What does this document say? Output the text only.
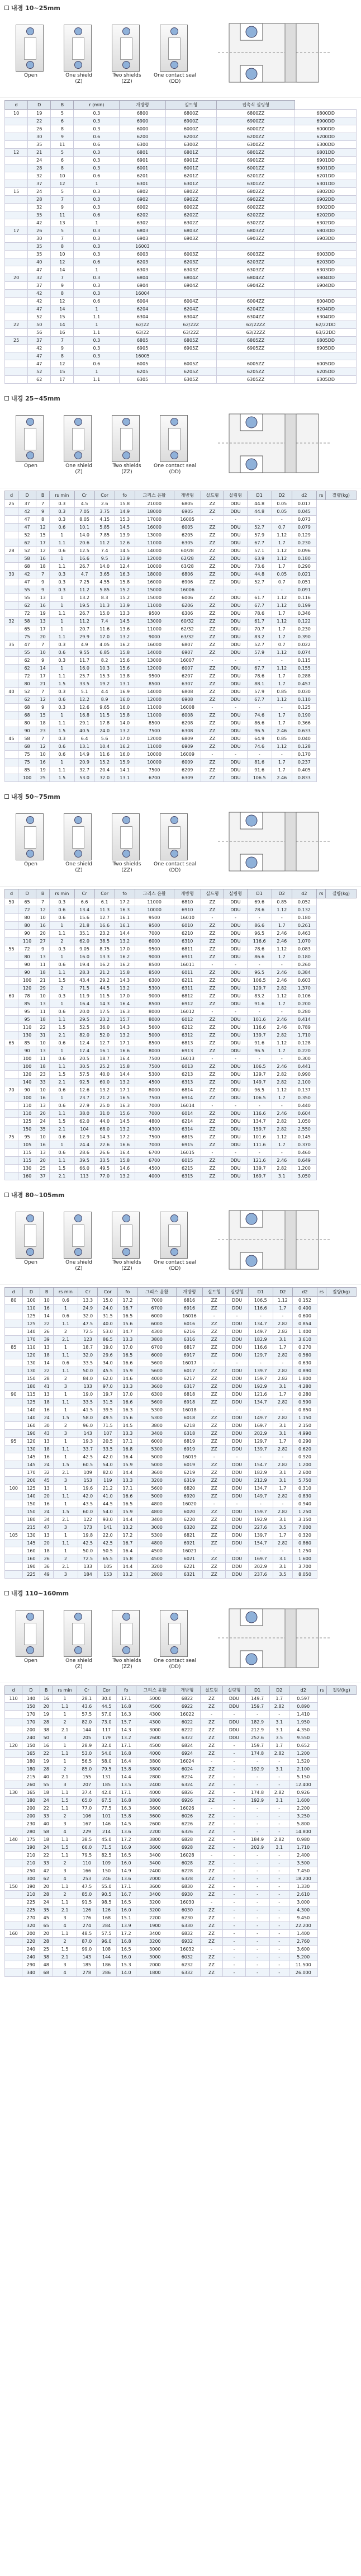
내경 10~25mm
Open	One shield
(Z)
Two shields
(ZZ)
One contact seal
(DD)
d	D	B	r (min)	개방형	실드형	접촉식 실링형	
10	19	5	0.3	6800	6800Z	6800ZZ	6800DD
	22	6	0.3	6900	6900Z	6900ZZ	6900DD
	26	8	0.3	6000	6000Z	6000ZZ	6000DD
	30	9	0.6	6200	6200Z	6200ZZ	6200DD
	35	11	0.6	6300	6300Z	6300ZZ	6300DD
12	21	5	0.3	6801	6801Z	6801ZZ	6801DD
	24	6	0.3	6901	6901Z	6901ZZ	6901DD
	28	8	0.3	6001	6001Z	6001ZZ	6001DD
	32	10	0.6	6201	6201Z	6201ZZ	6201DD
	37	12	1	6301	6301Z	6301ZZ	6301DD
15	24	5	0.3	6802	6802Z	6802ZZ	6802DD
	28	7	0.3	6902	6902Z	6902ZZ	6902DD
	32	9	0.3	6002	6002Z	6002ZZ	6002DD
	35	11	0.6	6202	6202Z	6202ZZ	6202DD
	42	13	1	6302	6302Z	6302ZZ	6302DD
17	26	5	0.3	6803	6803Z	6803ZZ	6803DD
	30	7	0.3	6903	6903Z	6903ZZ	6903DD
	35	8	0.3	16003			
	35	10	0.3	6003	6003Z	6003ZZ	6003DD
	40	12	0.6	6203	6203Z	6203ZZ	6203DD
	47	14	1	6303	6303Z	6303ZZ	6303DD
20	32	7	0.3	6804	6804Z	6804ZZ	6804DD
	37	9	0.3	6904	6904Z	6904ZZ	6904DD
	42	8	0.3	16004			
	42	12	0.6	6004	6004Z	6004ZZ	6004DD
	47	14	1	6204	6204Z	6204ZZ	6204DD
	52	15	1.1	6304	6304Z	6304ZZ	6304DD
22	50	14	1	62/22	62/22Z	62/22ZZ	62/22DD
	56	16	1.1	63/22	63/22Z	63/22ZZ	63/22DD
25	37	7	0.3	6805	6805Z	6805ZZ	6805DD
	42	9	0.3	6905	6905Z	6905ZZ	6905DD
	47	8	0.3	16005			
	47	12	0.6	6005	6005Z	6005ZZ	6005DD
	52	15	1	6205	6205Z	6205ZZ	6205DD
	62	17	1.1	6305	6305Z	6305ZZ	6305DD
내경 25~45mm
Open	One shield
(Z)
Two shields
(ZZ)
One contact seal
(DD)
d	D	B	rs min	Cr	Cor	fo	그리스 윤활	개방형	실드형	실링형	D1	D2	d2	rs	질량(kg)
25	37	7	0.3	4.5	2.6	15.8	21000	6805	ZZ	DDU	44.8	0.05	0.017		
	42	9	0.3	7.05	3.75	14.9	18000	6905	ZZ	DDU	44.8	0.05	0.045		
	47	8	0.3	8.05	4.15	15.3	17000	16005	-	-	-	-	0.073		
	47	12	0.6	10.1	5.85	14.5	16000	6005	ZZ	DDU	52.7	0.7	0.079		
	52	15	1	14.0	7.85	13.9	13000	6205	ZZ	DDU	57.9	1.12	0.129		
	62	17	1.1	20.6	11.2	12.6	11000	6305	ZZ	DDU	67.7	1.7	0.230		
28	52	12	0.6	12.5	7.4	14.5	14000	60/28	ZZ	DDU	57.1	1.12	0.096		
	58	16	1	16.6	9.5	13.9	12000	62/28	ZZ	DDU	63.9	1.12	0.180		
	68	18	1.1	26.7	14.0	12.4	10000	63/28	ZZ	DDU	73.6	1.7	0.290		
30	42	7	0.3	4.7	3.65	16.3	18000	6806	ZZ	DDU	44.8	0.05	0.021		
	47	9	0.3	7.25	4.55	15.8	16000	6906	ZZ	DDU	52.7	0.7	0.051		
	55	9	0.3	11.2	5.85	15.2	15000	16006	-	-	-	-	0.091		
	55	13	1	13.2	8.3	15.2	15000	6006	ZZ	DDU	61.7	1.12	0.116		
	62	16	1	19.5	11.3	13.9	11000	6206	ZZ	DDU	67.7	1.12	0.199		
	72	19	1.1	26.7	15.0	13.3	9500	6306	ZZ	DDU	78.6	1.7	0.346		
32	58	13	1	11.2	7.4	14.5	13000	60/32	ZZ	DDU	61.7	1.12	0.122		
	65	17	1	20.7	11.6	13.6	11000	62/32	ZZ	DDU	70.7	1.7	0.230		
	75	20	1.1	29.9	17.0	13.2	9000	63/32	ZZ	DDU	83.2	1.7	0.390		
35	47	7	0.3	4.9	4.05	16.2	16000	6807	ZZ	DDU	52.7	0.7	0.022		
	55	10	0.6	9.55	6.85	15.8	14000	6907	ZZ	DDU	57.9	1.12	0.074		
	62	9	0.3	11.7	8.2	15.6	13000	16007	-	-	-	-	0.115		
	62	14	1	16.0	10.3	15.6	12000	6007	ZZ	DDU	67.7	1.12	0.155		
	72	17	1.1	25.7	15.3	13.8	9500	6207	ZZ	DDU	78.6	1.7	0.288		
	80	21	1.5	33.5	19.2	13.1	8500	6307	ZZ	DDU	88.1	1.7	0.457		
40	52	7	0.3	5.1	4.4	16.9	14000	6808	ZZ	DDU	57.9	0.85	0.030		
	62	12	0.6	12.2	8.9	16.0	12000	6908	ZZ	DDU	67.7	1.12	0.110		
	68	9	0.3	12.6	9.65	16.0	11000	16008	-	-	-	-	0.125		
	68	15	1	16.8	11.5	15.8	11000	6008	ZZ	DDU	74.6	1.7	0.190		
	80	18	1.1	29.1	17.8	14.0	8500	6208	ZZ	DDU	86.6	1.7	0.366		
	90	23	1.5	40.5	24.0	13.2	7500	6308	ZZ	DDU	96.5	2.46	0.633		
45	58	7	0.3	6.4	5.6	17.0	12000	6809	ZZ	DDU	64.9	0.85	0.040		
	68	12	0.6	13.1	10.4	16.2	11000	6909	ZZ	DDU	74.6	1.12	0.128		
	75	10	0.6	14.9	11.6	16.0	10000	16009	-	-	-	-	0.170		
	75	16	1	20.9	15.2	15.9	10000	6009	ZZ	DDU	81.6	1.7	0.237		
	85	19	1.1	32.7	20.4	14.1	7500	6209	ZZ	DDU	91.6	1.7	0.405		
	100	25	1.5	53.0	32.0	13.1	6700	6309	ZZ	DDU	106.5	2.46	0.833		
내경 50~75mm
Open	One shield
(Z)
Two shields
(ZZ)
One contact seal
(DD)
d	D	B	rs min	Cr	Cor	fo	그리스 윤활	개방형	실드형	실링형	D1	D2	d2	rs	질량(kg)
50	65	7	0.3	6.6	6.1	17.2	11000	6810	ZZ	DDU	69.6	0.85	0.052		
	72	12	0.6	13.4	11.3	16.3	10000	6910	ZZ	DDU	78.6	1.12	0.132		
	80	10	0.6	15.6	12.7	16.1	9500	16010	-	-	-	-	0.180		
	80	16	1	21.8	16.6	16.1	9500	6010	ZZ	DDU	86.6	1.7	0.261		
	90	20	1.1	35.1	23.2	14.4	7000	6210	ZZ	DDU	96.5	2.46	0.463		
	110	27	2	62.0	38.5	13.2	6000	6310	ZZ	DDU	116.6	2.46	1.070		
55	72	9	0.3	9.05	8.75	17.0	9500	6811	ZZ	DDU	78.6	1.12	0.083		
	80	13	1	16.0	13.3	16.2	9000	6911	ZZ	DDU	86.6	1.7	0.180		
	90	11	0.6	19.4	16.2	16.2	8500	16011	-	-	-	-	0.260		
	90	18	1.1	28.3	21.2	15.8	8500	6011	ZZ	DDU	96.5	2.46	0.384		
	100	21	1.5	43.4	29.2	14.3	6300	6211	ZZ	DDU	106.5	2.46	0.603		
	120	29	2	71.5	44.5	13.2	5300	6311	ZZ	DDU	129.7	2.82	1.370		
60	78	10	0.3	11.9	11.5	17.0	9000	6812	ZZ	DDU	83.2	1.12	0.106		
	85	13	1	16.4	14.3	16.4	8500	6912	ZZ	DDU	91.6	1.7	0.200		
	95	11	0.6	20.0	17.5	16.3	8000	16012	-	-	-	-	0.280		
	95	18	1.1	29.5	23.2	15.7	8000	6012	ZZ	DDU	101.6	2.46	0.414		
	110	22	1.5	52.5	36.0	14.3	5600	6212	ZZ	DDU	116.6	2.46	0.789		
	130	31	2.1	82.0	52.0	13.2	5000	6312	ZZ	DDU	139.7	2.82	1.710		
65	85	10	0.6	12.4	12.7	17.1	8500	6813	ZZ	DDU	91.6	1.12	0.128		
	90	13	1	17.4	16.1	16.6	8000	6913	ZZ	DDU	96.5	1.7	0.220		
	100	11	0.6	20.5	18.7	16.4	7500	16013	-	-	-	-	0.300		
	100	18	1.1	30.5	25.2	15.8	7500	6013	ZZ	DDU	106.5	2.46	0.441		
	120	23	1.5	57.5	40.0	14.4	5300	6213	ZZ	DDU	129.7	2.82	0.990		
	140	33	2.1	92.5	60.0	13.2	4500	6313	ZZ	DDU	149.7	2.82	2.100		
70	90	10	0.6	12.6	13.2	17.1	8000	6814	ZZ	DDU	96.5	1.12	0.137		
	100	16	1	23.7	21.2	16.5	7500	6914	ZZ	DDU	106.5	1.7	0.350		
	110	13	0.6	27.9	25.0	16.3	7000	16014	-	-	-	-	0.440		
	110	20	1.1	38.0	31.0	15.6	7000	6014	ZZ	DDU	116.6	2.46	0.604		
	125	24	1.5	62.0	44.0	14.5	4800	6214	ZZ	DDU	134.7	2.82	1.050		
	150	35	2.1	104	68.0	13.2	4300	6314	ZZ	DDU	159.7	2.82	2.550		
75	95	10	0.6	12.9	14.3	17.2	7500	6815	ZZ	DDU	101.6	1.12	0.145		
	105	16	1	24.4	22.6	16.6	7000	6915	ZZ	DDU	111.6	1.7	0.370		
	115	13	0.6	28.6	26.6	16.4	6700	16015	-	-	-	-	0.460		
	115	20	1.1	39.5	33.5	15.8	6700	6015	ZZ	DDU	121.6	2.46	0.649		
	130	25	1.5	66.0	49.5	14.6	4500	6215	ZZ	DDU	139.7	2.82	1.200		
	160	37	2.1	113	77.0	13.2	4000	6315	ZZ	DDU	169.7	3.1	3.050		
내경 80~105mm
Open	One shield
(Z)
Two shields
(ZZ)
One contact seal
(DD)
d	D	B	rs min	Cr	Cor	fo	그리스 윤활	개방형	실드형	실링형	D1	D2	d2	rs	질량(kg)
80	100	10	0.6	13.3	15.0	17.2	7000	6816	ZZ	DDU	106.5	1.12	0.152		
	110	16	1	24.9	24.0	16.7	6700	6916	ZZ	DDU	116.6	1.7	0.400		
	125	14	0.6	32.0	31.5	16.5	6000	16016	-	-	-	-	0.600		
	125	22	1.1	47.5	40.0	15.6	6000	6016	ZZ	DDU	134.7	2.82	0.854		
	140	26	2	72.5	53.0	14.7	4300	6216	ZZ	DDU	149.7	2.82	1.400		
	170	39	2.1	123	86.5	13.3	3800	6316	ZZ	DDU	182.9	3.1	3.610		
85	110	13	1	18.7	19.0	17.0	6700	6817	ZZ	DDU	116.6	1.7	0.270		
	120	18	1.1	32.0	29.6	16.5	6000	6917	ZZ	DDU	129.7	2.82	0.560		
	130	14	0.6	33.5	34.0	16.6	5600	16017	-	-	-	-	0.630		
	130	22	1.1	50.0	45.5	15.9	5600	6017	ZZ	DDU	139.7	2.82	0.890		
	150	28	2	84.0	62.0	14.6	4000	6217	ZZ	DDU	159.7	2.82	1.800		
	180	41	3	133	97.0	13.3	3600	6317	ZZ	DDU	192.9	3.1	4.280		
90	115	13	1	19.0	19.7	17.0	6300	6818	ZZ	DDU	121.6	1.7	0.280		
	125	18	1.1	33.5	31.5	16.6	5600	6918	ZZ	DDU	134.7	2.82	0.590		
	140	16	1	41.5	39.5	16.3	5300	16018	-	-	-	-	0.850		
	140	24	1.5	58.0	49.5	15.6	5300	6018	ZZ	DDU	149.7	2.82	1.150		
	160	30	2	96.0	71.5	14.5	3800	6218	ZZ	DDU	169.7	3.1	2.150		
	190	43	3	143	107	13.3	3400	6318	ZZ	DDU	202.9	3.1	4.990		
95	120	13	1	19.3	20.5	17.1	6000	6819	ZZ	DDU	129.7	1.7	0.290		
	130	18	1.1	33.7	33.5	16.8	5300	6919	ZZ	DDU	139.7	2.82	0.620		
	145	16	1	42.5	42.0	16.4	5000	16019	-	-	-	-	0.920		
	145	24	1.5	60.5	54.0	15.9	5000	6019	ZZ	DDU	154.7	2.82	1.200		
	170	32	2.1	109	82.0	14.4	3600	6219	ZZ	DDU	182.9	3.1	2.600		
	200	45	3	153	119	13.3	3200	6319	ZZ	DDU	212.9	3.1	5.750		
100	125	13	1	19.6	21.2	17.1	5600	6820	ZZ	DDU	134.7	1.7	0.310		
	140	20	1.1	42.0	41.0	16.6	5000	6920	ZZ	DDU	149.7	2.82	0.830		
	150	16	1	43.5	44.5	16.5	4800	16020	-	-	-	-	0.940		
	150	24	1.5	60.0	54.0	15.9	4800	6020	ZZ	DDU	159.7	2.82	1.250		
	180	34	2.1	122	93.0	14.4	3400	6220	ZZ	DDU	192.9	3.1	3.150		
	215	47	3	173	141	13.2	3000	6320	ZZ	DDU	227.6	3.5	7.000		
105	130	13	1	19.8	22.0	17.2	5300	6821	ZZ	DDU	139.7	1.7	0.320		
	145	20	1.1	42.5	42.5	16.7	4800	6921	ZZ	DDU	154.7	2.82	0.860		
	160	18	1	50.0	50.5	16.4	4500	16021	-	-	-	-	1.250		
	160	26	2	72.5	65.5	15.8	4500	6021	ZZ	DDU	169.7	3.1	1.600		
	190	36	2.1	133	105	14.4	3200	6221	ZZ	DDU	202.9	3.1	3.700		
	225	49	3	184	153	13.2	2800	6321	ZZ	DDU	237.6	3.5	8.050		
내경 110~160mm
Open	One shield
(Z)
Two shields
(ZZ)
One contact seal
(DD)
d	D	B	rs min	Cr	Cor	fo	그리스 윤활	개방형	실드형	실링형	D1	D2	d2	rs	질량(kg)
110	140	16	1	28.1	30.0	17.1	5000	6822	ZZ	DDU	149.7	1.7	0.597		
	150	20	1.1	43.6	44.5	16.8	4500	6922	ZZ	DDU	159.7	2.82	0.890		
	170	19	1	57.5	57.0	16.3	4300	16022	-	-	-	-	1.410		
	170	28	2	82.0	73.0	15.7	4300	6022	ZZ	DDU	182.9	3.1	1.950		
	200	38	2.1	144	117	14.3	3000	6222	ZZ	DDU	212.9	3.1	4.350		
	240	50	3	205	179	13.2	2600	6322	ZZ	DDU	252.6	3.5	9.550		
120	150	16	1	28.9	32.0	17.1	4500	6824	ZZ	-	159.7	1.7	0.652		
	165	22	1.1	53.0	54.0	16.8	4000	6924	ZZ	-	174.8	2.82	1.200		
	180	19	1	56.5	58.0	16.4	3800	16024	-	-	-	-	1.520		
	180	28	2	85.0	79.5	15.8	3800	6024	ZZ	-	192.9	3.1	2.100		
	215	40	2.1	155	131	14.4	2800	6224	ZZ	-	-	-	5.150		
	260	55	3	207	185	13.5	2400	6324	ZZ	-	-	-	12.400		
130	165	18	1.1	37.4	42.0	17.1	4000	6826	ZZ	-	174.8	2.82	0.926		
	180	24	1.5	65.0	67.5	16.8	3800	6926	ZZ	-	192.9	3.1	1.600		
	200	22	1.1	77.0	77.5	16.3	3600	16026	-	-	-	-	2.200		
	200	33	2	106	101	15.8	3600	6026	ZZ	-	-	-	3.250		
	230	40	3	167	146	14.5	2600	6226	ZZ	-	-	-	5.800		
	280	58	4	229	214	13.6	2200	6326	ZZ	-	-	-	14.800		
140	175	18	1.1	38.5	45.0	17.2	3800	6828	ZZ	-	184.9	2.82	0.980		
	190	24	1.5	66.0	71.5	16.9	3600	6928	ZZ	-	202.9	3.1	1.710		
	210	22	1.1	79.5	82.5	16.5	3400	16028	-	-	-	-	2.400		
	210	33	2	110	109	16.0	3400	6028	ZZ	-	-	-	3.500		
	250	42	3	166	150	14.9	2400	6228	ZZ	-	-	-	7.450		
	300	62	4	253	246	13.6	2000	6328	ZZ	-	-	-	18.200		
150	190	20	1.1	47.5	55.0	17.1	3600	6830	ZZ	-	-	-	1.330		
	210	28	2	85.0	90.5	16.7	3400	6930	ZZ	-	-	-	2.610		
	225	24	1.1	91.5	98.5	16.5	3200	16030	-	-	-	-	3.000		
	225	35	2.1	126	126	16.0	3200	6030	ZZ	-	-	-	4.300		
	270	45	3	176	168	15.1	2200	6230	ZZ	-	-	-	9.450		
	320	65	4	274	284	13.9	1900	6330	ZZ	-	-	-	22.200		
160	200	20	1.1	48.5	57.5	17.2	3400	6832	ZZ	-	-	-	1.400		
	220	28	2	87.0	96.0	16.8	3200	6932	ZZ	-	-	-	2.760		
	240	25	1.5	99.0	108	16.5	3000	16032	-	-	-	-	3.600		
	240	38	2.1	143	144	16.0	3000	6032	ZZ	-	-	-	5.200		
	290	48	3	185	186	15.3	2000	6232	ZZ	-	-	-	11.500		
	340	68	4	278	286	14.0	1800	6332	ZZ	-	-	-	26.000		
